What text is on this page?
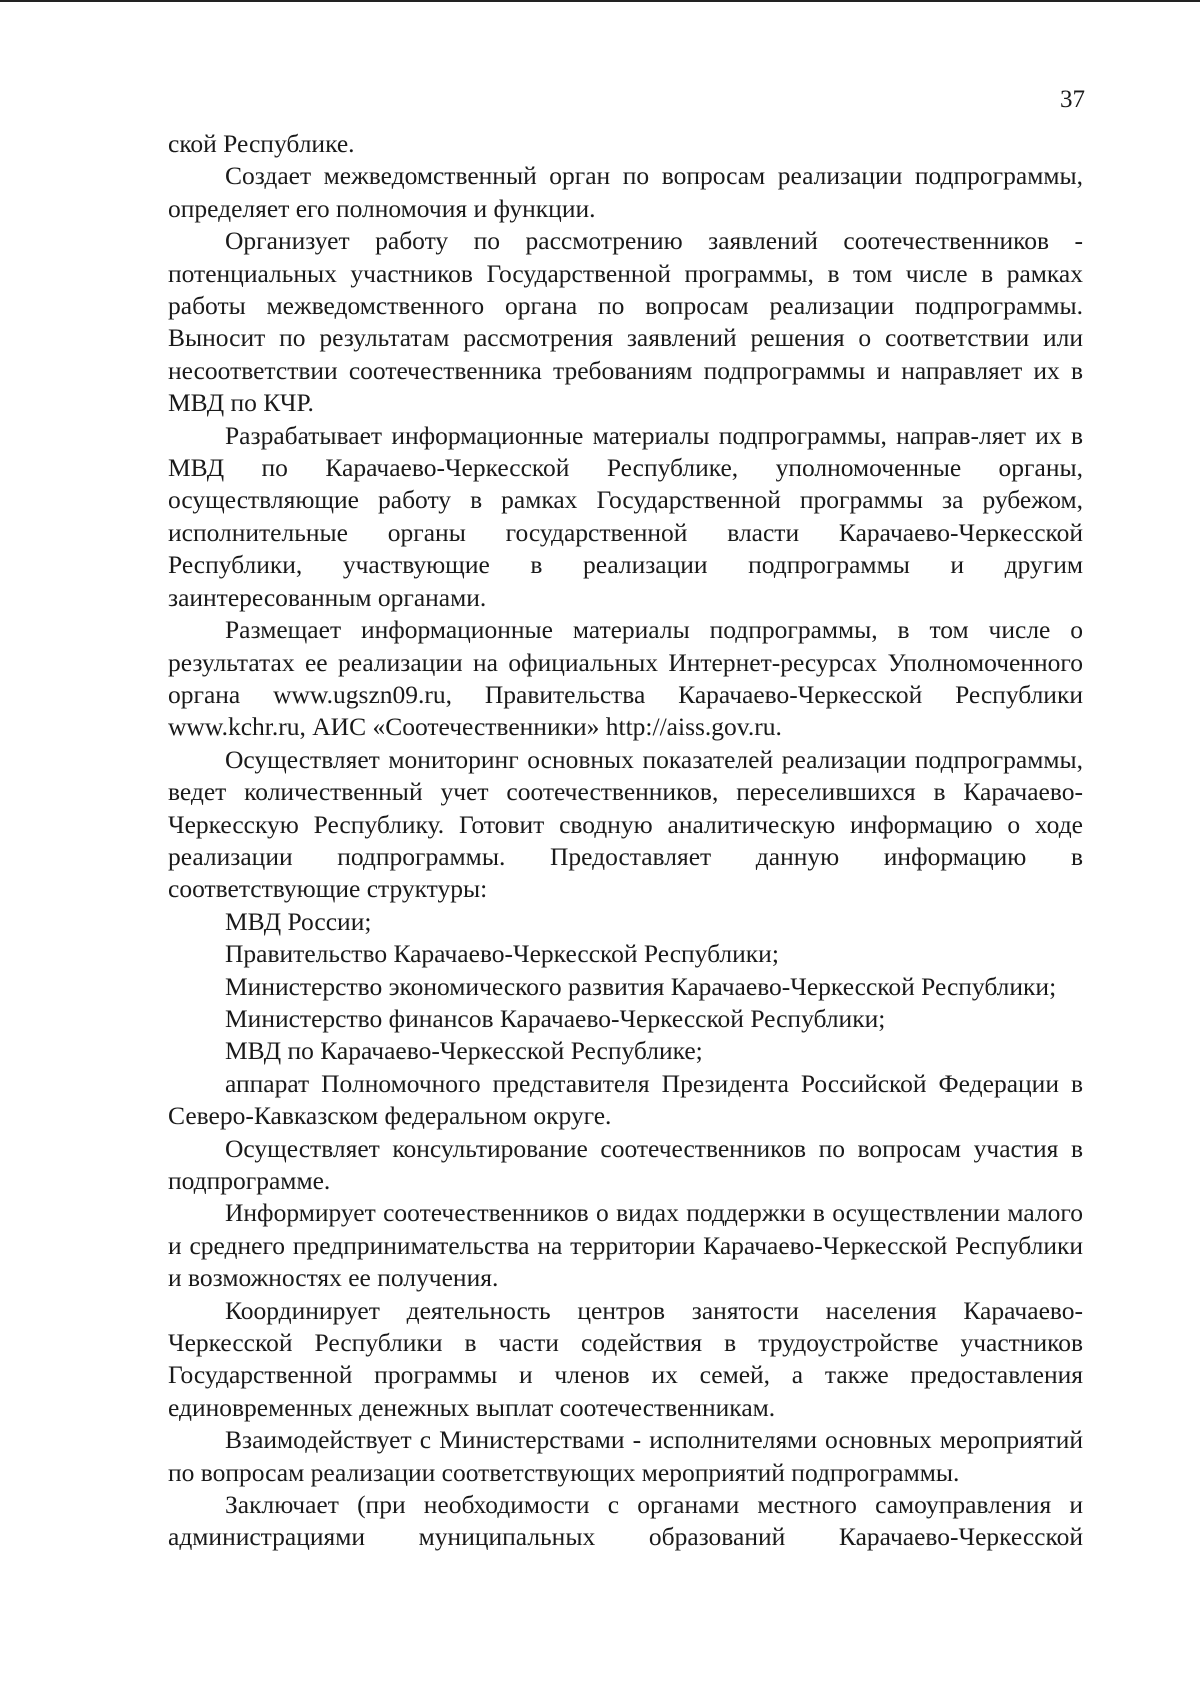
37

ской Республике.

Создает межведомственный орган по вопросам реализации подпрограммы, определяет его полномочия и функции.

Организует работу по рассмотрению заявлений соотечественников - потенциальных участников Государственной программы, в том числе в рамках работы межведомственного органа по вопросам реализации подпрограммы. Выносит по результатам рассмотрения заявлений решения о соответствии или несоответствии соотечественника требованиям подпрограммы и направляет их в МВД по КЧР.

Разрабатывает информационные материалы подпрограммы, направ-ляет их в МВД по Карачаево-Черкесской Республике, уполномоченные органы, осуществляющие работу в рамках Государственной программы за рубежом, исполнительные органы государственной власти Карачаево-Черкесской Республики, участвующие в реализации подпрограммы и другим заинтересованным органами.

Размещает информационные материалы подпрограммы, в том числе о результатах ее реализации на официальных Интернет-ресурсах Уполномоченного органа www.ugszn09.ru, Правительства Карачаево-Черкесской Республики www.kchr.ru, АИС «Соотечественники» http://aiss.gov.ru.

Осуществляет мониторинг основных показателей реализации подпрограммы, ведет количественный учет соотечественников, переселившихся в Карачаево-Черкесскую Республику. Готовит сводную аналитическую информацию о ходе реализации подпрограммы. Предоставляет данную информацию в соответствующие структуры:

МВД России;

Правительство Карачаево-Черкесской Республики;

Министерство экономического развития Карачаево-Черкесской Республики;

Министерство финансов Карачаево-Черкесской Республики;

МВД по Карачаево-Черкесской Республике;

аппарат Полномочного представителя Президента Российской Федерации в Северо-Кавказском федеральном округе.

Осуществляет консультирование соотечественников по вопросам участия в подпрограмме.

Информирует соотечественников о видах поддержки в осуществлении малого и среднего предпринимательства на территории Карачаево-Черкесской Республики и возможностях ее получения.

Координирует деятельность центров занятости населения Карачаево-Черкесской Республики в части содействия в трудоустройстве участников Государственной программы и членов их семей, а также предоставления единовременных денежных выплат соотечественникам.

Взаимодействует с Министерствами - исполнителями основных мероприятий по вопросам реализации соответствующих мероприятий подпрограммы.

Заключает (при необходимости с органами местного самоуправления и администрациями муниципальных образований Карачаево-Черкесской
